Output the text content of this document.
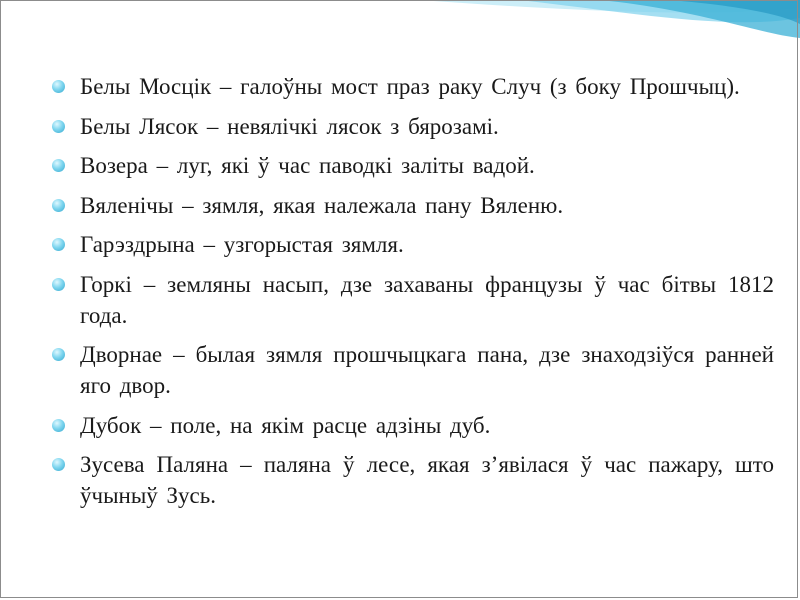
Белы Мосцік – галоўны мост праз раку Случ (з боку Прошчыц).
Белы Лясок – невялічкі лясок з бярозамі.
Возера – луг, які ў час паводкі заліты вадой.
Вяленічы – зямля, якая належала пану Вяленю.
Гарэздрына – узгорыстая зямля.
Горкі – земляны насып, дзе захаваны французы ў час бітвы 1812 года.
Дворнае – былая зямля прошчыцкага пана, дзе знаходзіўся ранней яго двор.
Дубок – поле, на якім расце адзіны дуб.
Зусева Паляна – паляна ў лесе, якая з’явілася ў час пажару, што ўчыныў Зусь.
